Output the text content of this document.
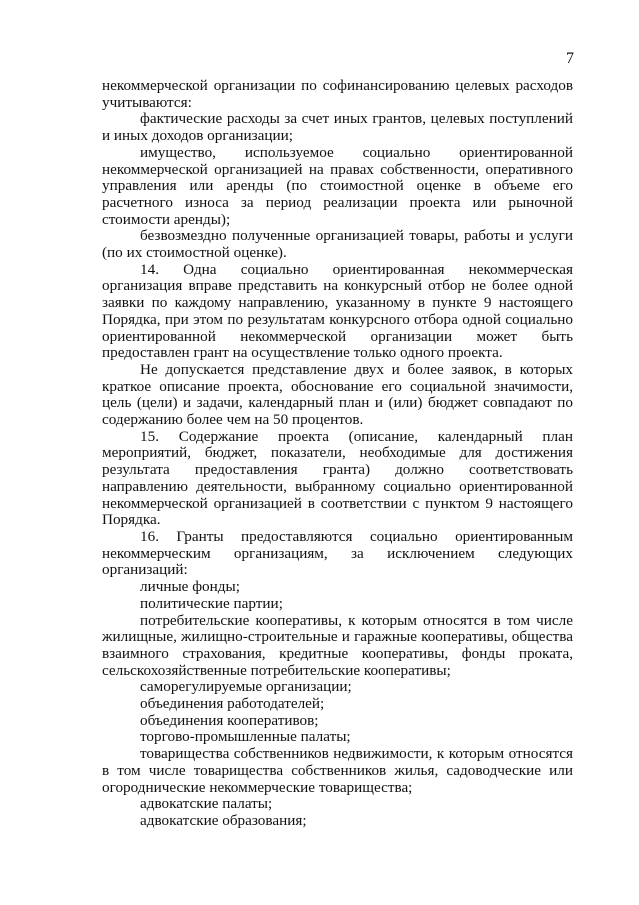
7

некоммерческой организации по софинансированию целевых расходов учитываются:

фактические расходы за счет иных грантов, целевых поступлений и иных доходов организации;

имущество, используемое социально ориентированной некоммерческой организацией на правах собственности, оперативного управления или аренды (по стоимостной оценке в объеме его расчетного износа за период реализации проекта или рыночной стоимости аренды);

безвозмездно полученные организацией товары, работы и услуги (по их стоимостной оценке).

14. Одна социально ориентированная некоммерческая организация вправе представить на конкурсный отбор не более одной заявки по каждому направлению, указанному в пункте 9 настоящего Порядка, при этом по результатам конкурсного отбора одной социально ориентированной некоммерческой организации может быть предоставлен грант на осуществление только одного проекта.

Не допускается представление двух и более заявок, в которых краткое описание проекта, обоснование его социальной значимости, цель (цели) и задачи, календарный план и (или) бюджет совпадают по содержанию более чем на 50 процентов.

15. Содержание проекта (описание, календарный план мероприятий, бюджет, показатели, необходимые для достижения результата предоставления гранта) должно соответствовать направлению деятельности, выбранному социально ориентированной некоммерческой организацией в соответствии с пунктом 9 настоящего Порядка.

16. Гранты предоставляются социально ориентированным некоммерческим организациям, за исключением следующих организаций:

личные фонды;

политические партии;

потребительские кооперативы, к которым относятся в том числе жилищные, жилищно-строительные и гаражные кооперативы, общества взаимного страхования, кредитные кооперативы, фонды проката, сельскохозяйственные потребительские кооперативы;

саморегулируемые организации;

объединения работодателей;

объединения кооперативов;

торгово-промышленные палаты;

товарищества собственников недвижимости, к которым относятся в том числе товарищества собственников жилья, садоводческие или огороднические некоммерческие товарищества;

адвокатские палаты;

адвокатские образования;
